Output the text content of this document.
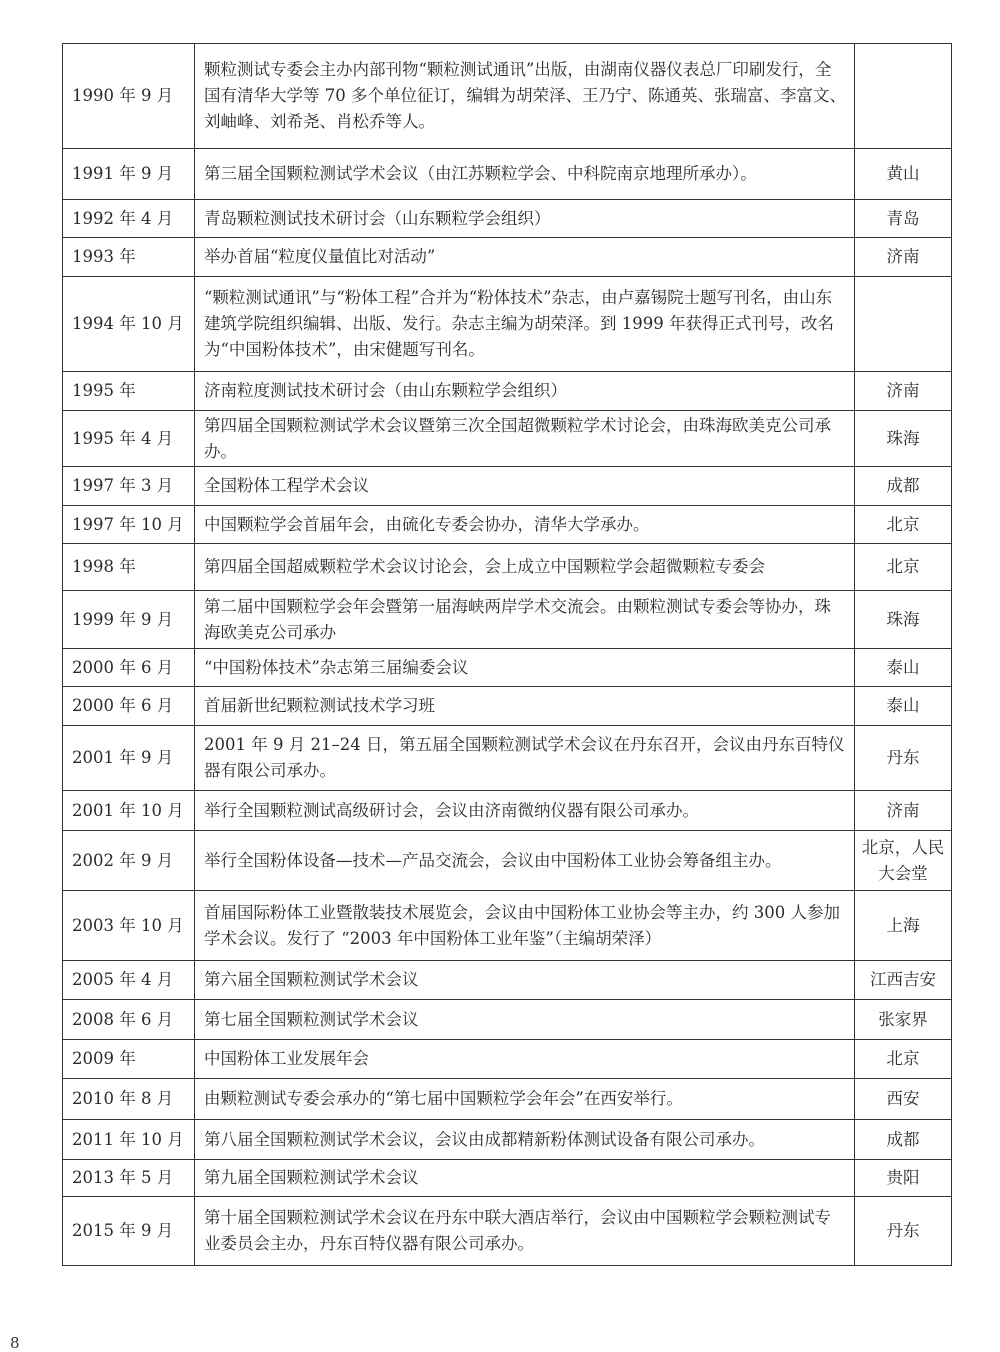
1990 年 9 月	颗粒测试专委会主办内部刊物“颗粒测试通讯”出版，由湖南仪器仪表总厂印刷发行，全国有清华大学等 70 多个单位征订，编辑为胡荣泽、王乃宁、陈通英、张瑞富、李富文、刘岫峰、刘希尧、肖松乔等人。	
1991 年 9 月	第三届全国颗粒测试学术会议（由江苏颗粒学会、中科院南京地理所承办）。	黄山
1992 年 4 月	青岛颗粒测试技术研讨会（山东颗粒学会组织）	青岛
1993 年	举办首届“粒度仪量值比对活动”	济南
1994 年 10 月	“颗粒测试通讯”与“粉体工程”合并为“粉体技术”杂志，由卢嘉锡院士题写刊名，由山东建筑学院组织编辑、出版、发行。杂志主编为胡荣泽。到 1999 年获得正式刊号，改名为“中国粉体技术”，由宋健题写刊名。	
1995 年	济南粒度测试技术研讨会（由山东颗粒学会组织）	济南
1995 年 4 月	第四届全国颗粒测试学术会议暨第三次全国超微颗粒学术讨论会，由珠海欧美克公司承办。	珠海
1997 年 3 月	全国粉体工程学术会议	成都
1997 年 10 月	中国颗粒学会首届年会，由硫化专委会协办，清华大学承办。	北京
1998 年	第四届全国超威颗粒学术会议讨论会，会上成立中国颗粒学会超微颗粒专委会	北京
1999 年 9 月	第二届中国颗粒学会年会暨第一届海峡两岸学术交流会。由颗粒测试专委会等协办，珠海欧美克公司承办	珠海
2000 年 6 月	“中国粉体技术”杂志第三届编委会议	泰山
2000 年 6 月	首届新世纪颗粒测试技术学习班	泰山
2001 年 9 月	2001 年 9 月 21–24 日，第五届全国颗粒测试学术会议在丹东召开，会议由丹东百特仪器有限公司承办。	丹东
2001 年 10 月	举行全国颗粒测试高级研讨会，会议由济南微纳仪器有限公司承办。	济南
2002 年 9 月	举行全国粉体设备—技术—产品交流会，会议由中国粉体工业协会筹备组主办。	北京，人民大会堂
2003 年 10 月	首届国际粉体工业暨散装技术展览会，会议由中国粉体工业协会等主办，约 300 人参加学术会议。发行了 “2003 年中国粉体工业年鉴”（主编胡荣泽）	上海
2005 年 4 月	第六届全国颗粒测试学术会议	江西吉安
2008 年 6 月	第七届全国颗粒测试学术会议	张家界
2009 年	中国粉体工业发展年会	北京
2010 年 8 月	由颗粒测试专委会承办的“第七届中国颗粒学会年会”在西安举行。	西安
2011 年 10 月	第八届全国颗粒测试学术会议，会议由成都精新粉体测试设备有限公司承办。	成都
2013 年 5 月	第九届全国颗粒测试学术会议	贵阳
2015 年 9 月	第十届全国颗粒测试学术会议在丹东中联大酒店举行，会议由中国颗粒学会颗粒测试专业委员会主办，丹东百特仪器有限公司承办。	丹东
8
